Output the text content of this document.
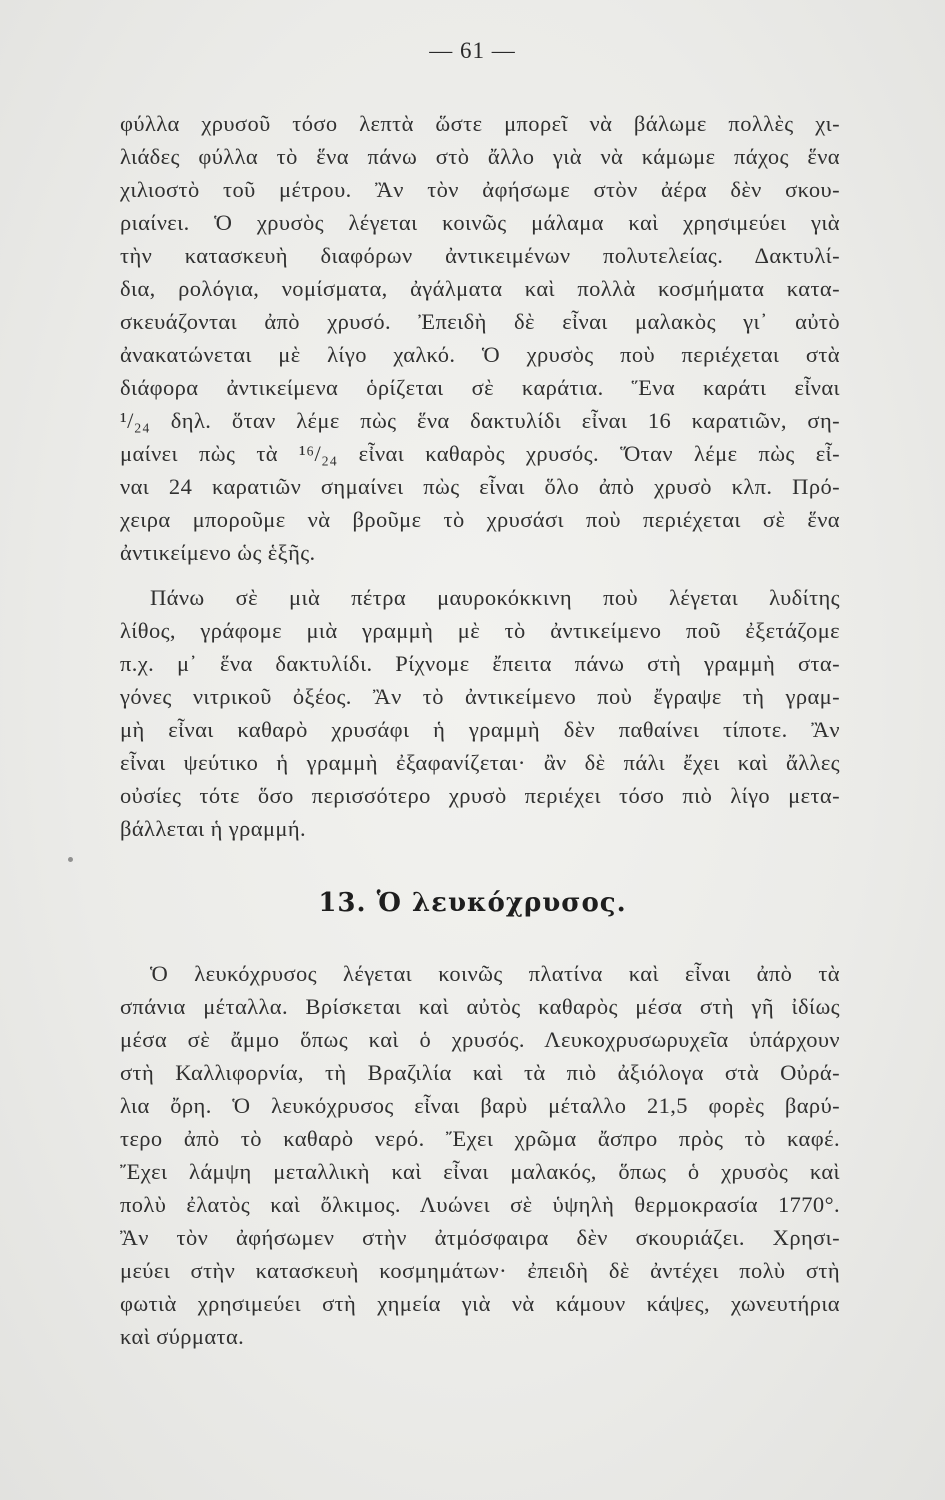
— 61 —
φύλλα χρυσοῦ τόσο λεπτὰ ὥστε μπορεῖ νὰ βάλωμε πολλὲς χι-
λιάδες φύλλα τὸ ἕνα πάνω στὸ ἄλλο γιὰ νὰ κάμωμε πάχος ἕνα
χιλιοστὸ τοῦ μέτρου. Ἂν τὸν ἀφήσωμε στὸν ἀέρα δὲν σκου-
ριαίνει. Ὁ χρυσὸς λέγεται κοινῶς μάλαμα καὶ χρησιμεύει γιὰ
τὴν κατασκευὴ διαφόρων ἀντικειμένων πολυτελείας. Δακτυλί-
δια, ρολόγια, νομίσματα, ἀγάλματα καὶ πολλὰ κοσμήματα κατα-
σκευάζονται ἀπὸ χρυσό. Ἐπειδὴ δὲ εἶναι μαλακὸς γι᾿ αὐτὸ
ἀνακατώνεται μὲ λίγο χαλκό. Ὁ χρυσὸς ποὺ περιέχεται στὰ
διάφορα ἀντικείμενα ὁρίζεται σὲ καράτια. Ἕνα καράτι εἶναι
¹/₂₄ δηλ. ὅταν λέμε πὼς ἕνα δακτυλίδι εἶναι 16 καρατιῶν, ση-
μαίνει πὼς τὰ ¹⁶/₂₄ εἶναι καθαρὸς χρυσός. Ὅταν λέμε πὼς εἶ-
ναι 24 καρατιῶν σημαίνει πὼς εἶναι ὅλο ἀπὸ χρυσὸ κλπ. Πρό-
χειρα μποροῦμε νὰ βροῦμε τὸ χρυσάσι ποὺ περιέχεται σὲ ἕνα
ἀντικείμενο ὡς ἑξῆς.
Πάνω σὲ μιὰ πέτρα μαυροκόκκινη ποὺ λέγεται λυδίτης
λίθος, γράφομε μιὰ γραμμὴ μὲ τὸ ἀντικείμενο ποῦ ἐξετάζομε
π.χ. μ᾿ ἕνα δακτυλίδι. Ρίχνομε ἔπειτα πάνω στὴ γραμμὴ στα-
γόνες νιτρικοῦ ὀξέος. Ἂν τὸ ἀντικείμενο ποὺ ἔγραψε τὴ γραμ-
μὴ εἶναι καθαρὸ χρυσάφι ἡ γραμμὴ δὲν παθαίνει τίποτε. Ἂν
εἶναι ψεύτικο ἡ γραμμὴ ἐξαφανίζεται· ἂν δὲ πάλι ἔχει καὶ ἄλλες
οὐσίες τότε ὅσο περισσότερο χρυσὸ περιέχει τόσο πιὸ λίγο μετα-
βάλλεται ἡ γραμμή.
13. Ὁ λευκόχρυσος.
Ὁ λευκόχρυσος λέγεται κοινῶς πλατίνα καὶ εἶναι ἀπὸ τὰ
σπάνια μέταλλα. Βρίσκεται καὶ αὐτὸς καθαρὸς μέσα στὴ γῆ ἰδίως
μέσα σὲ ἄμμο ὅπως καὶ ὁ χρυσός. Λευκοχρυσωρυχεῖα ὑπάρχουν
στὴ Καλλιφορνία, τὴ Βραζιλία καὶ τὰ πιὸ ἀξιόλογα στὰ Οὐρά-
λια ὄρη. Ὁ λευκόχρυσος εἶναι βαρὺ μέταλλο 21,5 φορὲς βαρύ-
τερο ἀπὸ τὸ καθαρὸ νερό. Ἔχει χρῶμα ἄσπρο πρὸς τὸ καφέ.
Ἔχει λάμψη μεταλλικὴ καὶ εἶναι μαλακός, ὅπως ὁ χρυσὸς καὶ
πολὺ ἐλατὸς καὶ ὄλκιμος. Λυώνει σὲ ὑψηλὴ θερμοκρασία 1770°.
Ἂν τὸν ἀφήσωμεν στὴν ἀτμόσφαιρα δὲν σκουριάζει. Χρησι-
μεύει στὴν κατασκευὴ κοσμημάτων· ἐπειδὴ δὲ ἀντέχει πολὺ στὴ
φωτιὰ χρησιμεύει στὴ χημεία γιὰ νὰ κάμουν κάψες, χωνευτήρια
καὶ σύρματα.
